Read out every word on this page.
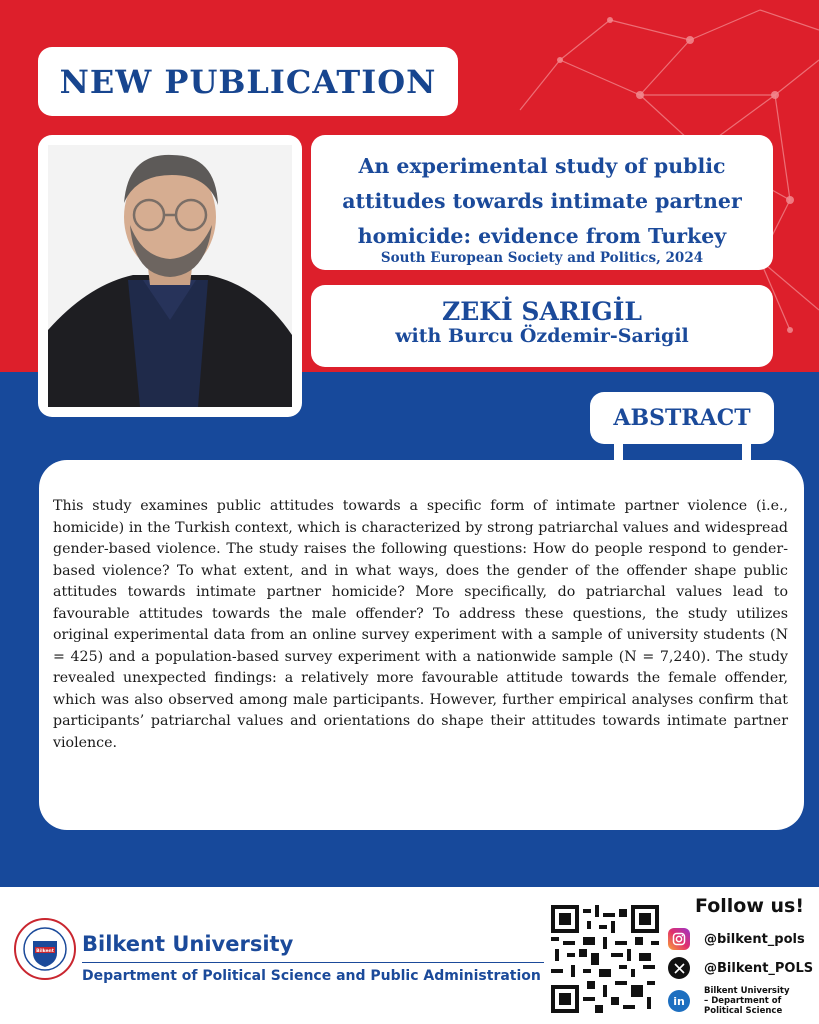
NEW PUBLICATION
An experimental study of public
attitudes towards intimate partner
homicide: evidence from Turkey
South European Society and Politics, 2024
ZEKİ SARIGİL
with Burcu Özdemir-Sarigil
ABSTRACT

This study examines public attitudes towards a specific form of intimate partner violence (i.e., homicide) in the Turkish context, which is characterized by strong patriarchal values and widespread gender-based violence. The study raises the following questions: How do people respond to gender-based violence? To what extent, and in what ways, does the gender of the offender shape public attitudes towards intimate partner homicide? More specifically, do patriarchal values lead to favourable attitudes towards the male offender? To address these questions, the study utilizes original experimental data from an online survey experiment with a sample of university students (N = 425) and a population-based survey experiment with a nationwide sample (N = 7,240). The study revealed unexpected findings: a relatively more favourable attitude towards the female offender, which was also observed among male participants. However, further empirical analyses confirm that participants’ patriarchal values and orientations do shape their attitudes towards intimate partner violence.

Bilkent Bilkent University
Department of Political Science and Public Administration
Follow us!
@bilkent_pols
@Bilkent_POLS
in
Bilkent University – Department of Political Science
